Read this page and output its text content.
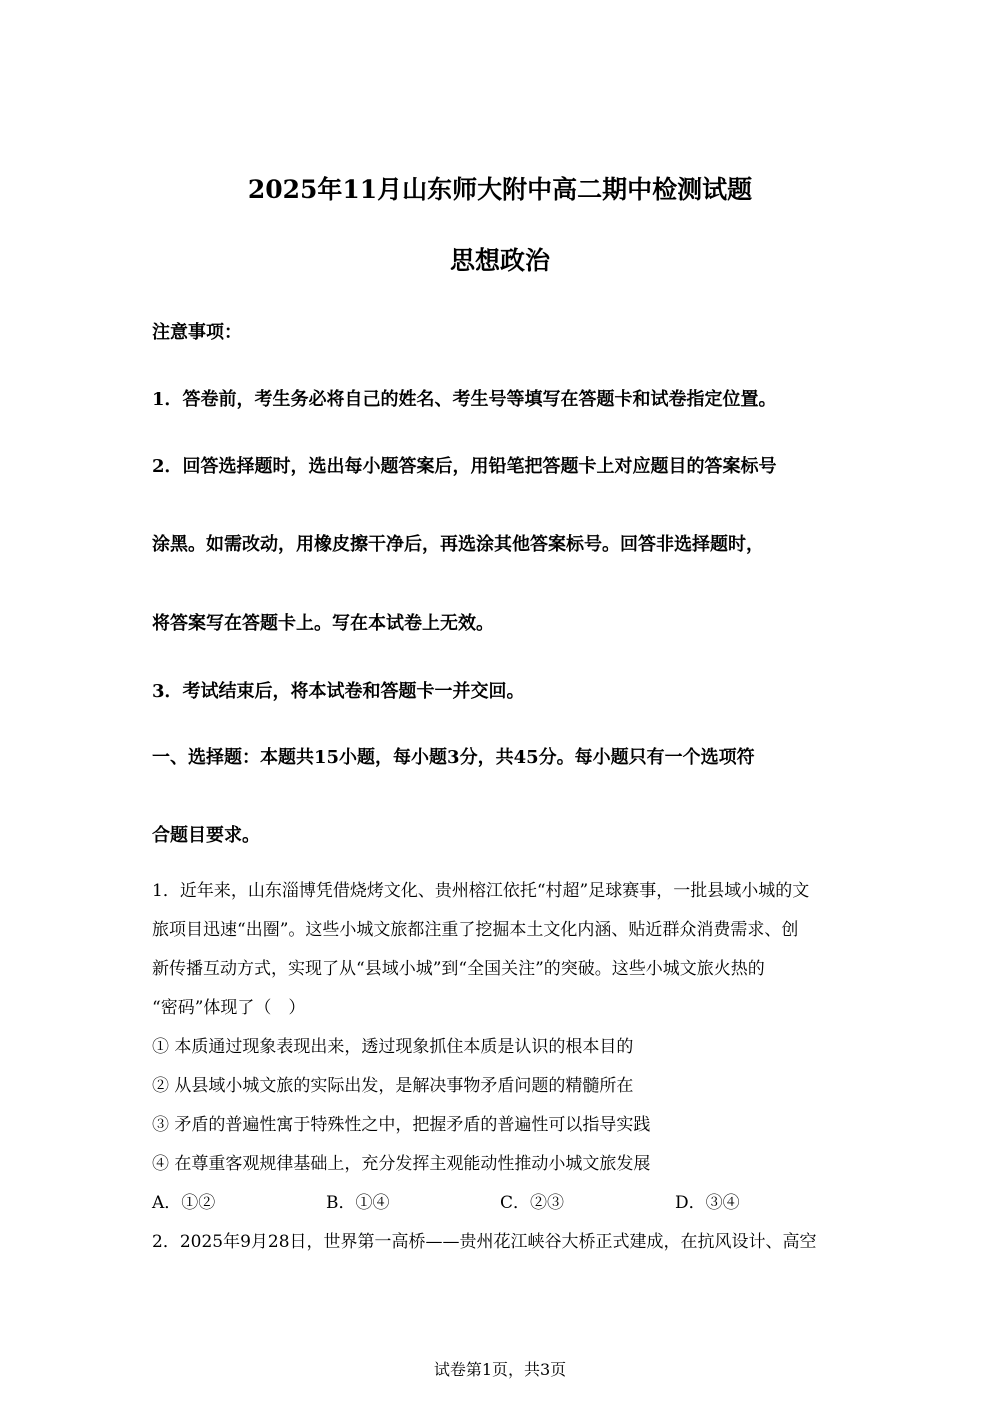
2025年11月山东师大附中高二期中检测试题
思想政治
注意事项：
1．答卷前，考生务必将自己的姓名、考生号等填写在答题卡和试卷指定位置。
2．回答选择题时，选出每小题答案后，用铅笔把答题卡上对应题目的答案标号
涂黑。如需改动，用橡皮擦干净后，再选涂其他答案标号。回答非选择题时，
将答案写在答题卡上。写在本试卷上无效。
3．考试结束后，将本试卷和答题卡一并交回。
一、选择题：本题共15小题，每小题3分，共45分。每小题只有一个选项符
合题目要求。
1．近年来，山东淄博凭借烧烤文化、贵州榕江依托“村超”足球赛事，一批县域小城的文
旅项目迅速“出圈”。这些小城文旅都注重了挖掘本土文化内涵、贴近群众消费需求、创
新传播互动方式，实现了从“县域小城”到“全国关注”的突破。这些小城文旅火热的
“密码”体现了（　）
① 本质通过现象表现出来，透过现象抓住本质是认识的根本目的
② 从县域小城文旅的实际出发，是解决事物矛盾问题的精髓所在
③ 矛盾的普遍性寓于特殊性之中，把握矛盾的普遍性可以指导实践
④ 在尊重客观规律基础上，充分发挥主观能动性推动小城文旅发展
A．①②	B．①④	C．②③	D．③④
2．2025年9月28日，世界第一高桥——贵州花江峡谷大桥正式建成，在抗风设计、高空
试卷第1页，共3页
